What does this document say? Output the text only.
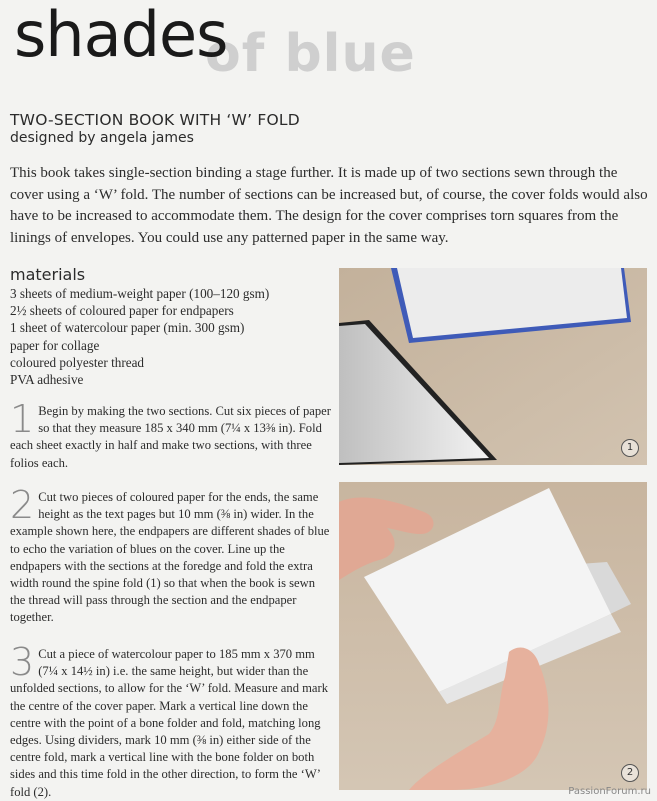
of blue
shades
TWO-SECTION BOOK WITH ‘W’ FOLD
designed by angela james

This book takes single-section binding a stage further. It is made up of two sections sewn through the cover using a ‘W’ fold. The number of sections can be increased but, of course, the cover folds would also have to be increased to accommodate them. The design for the cover comprises torn squares from the linings of envelopes. You could use any patterned paper in the same way.

materials
3 sheets of medium-weight paper (100–120 gsm)
2½ sheets of coloured paper for endpapers
1 sheet of watercolour paper (min. 300 gsm)
paper for collage
coloured polyester thread
PVA adhesive
1 Begin by making the two sections. Cut six pieces of paper so that they measure 185 x 340 mm (7¼ x 13⅜ in). Fold each sheet exactly in half and make two sections, with three folios each.
2 Cut two pieces of coloured paper for the ends, the same height as the text pages but 10 mm (⅜ in) wider. In the example shown here, the endpapers are different shades of blue to echo the variation of blues on the cover. Line up the endpapers with the sections at the foredge and fold the extra width round the spine fold (1) so that when the book is sewn the thread will pass through the section and the endpaper together.
3 Cut a piece of watercolour paper to 185 mm x 370 mm (7¼ x 14½ in) i.e. the same height, but wider than the unfolded sections, to allow for the ‘W’ fold. Measure and mark the centre of the cover paper. Mark a vertical line down the centre with the point of a bone folder and fold, matching long edges. Using dividers, mark 10 mm (⅜ in) either side of the centre fold, mark a vertical line with the bone folder on both sides and this time fold in the other direction, to form the ‘W’ fold (2).
1
2
PassionForum.ru
